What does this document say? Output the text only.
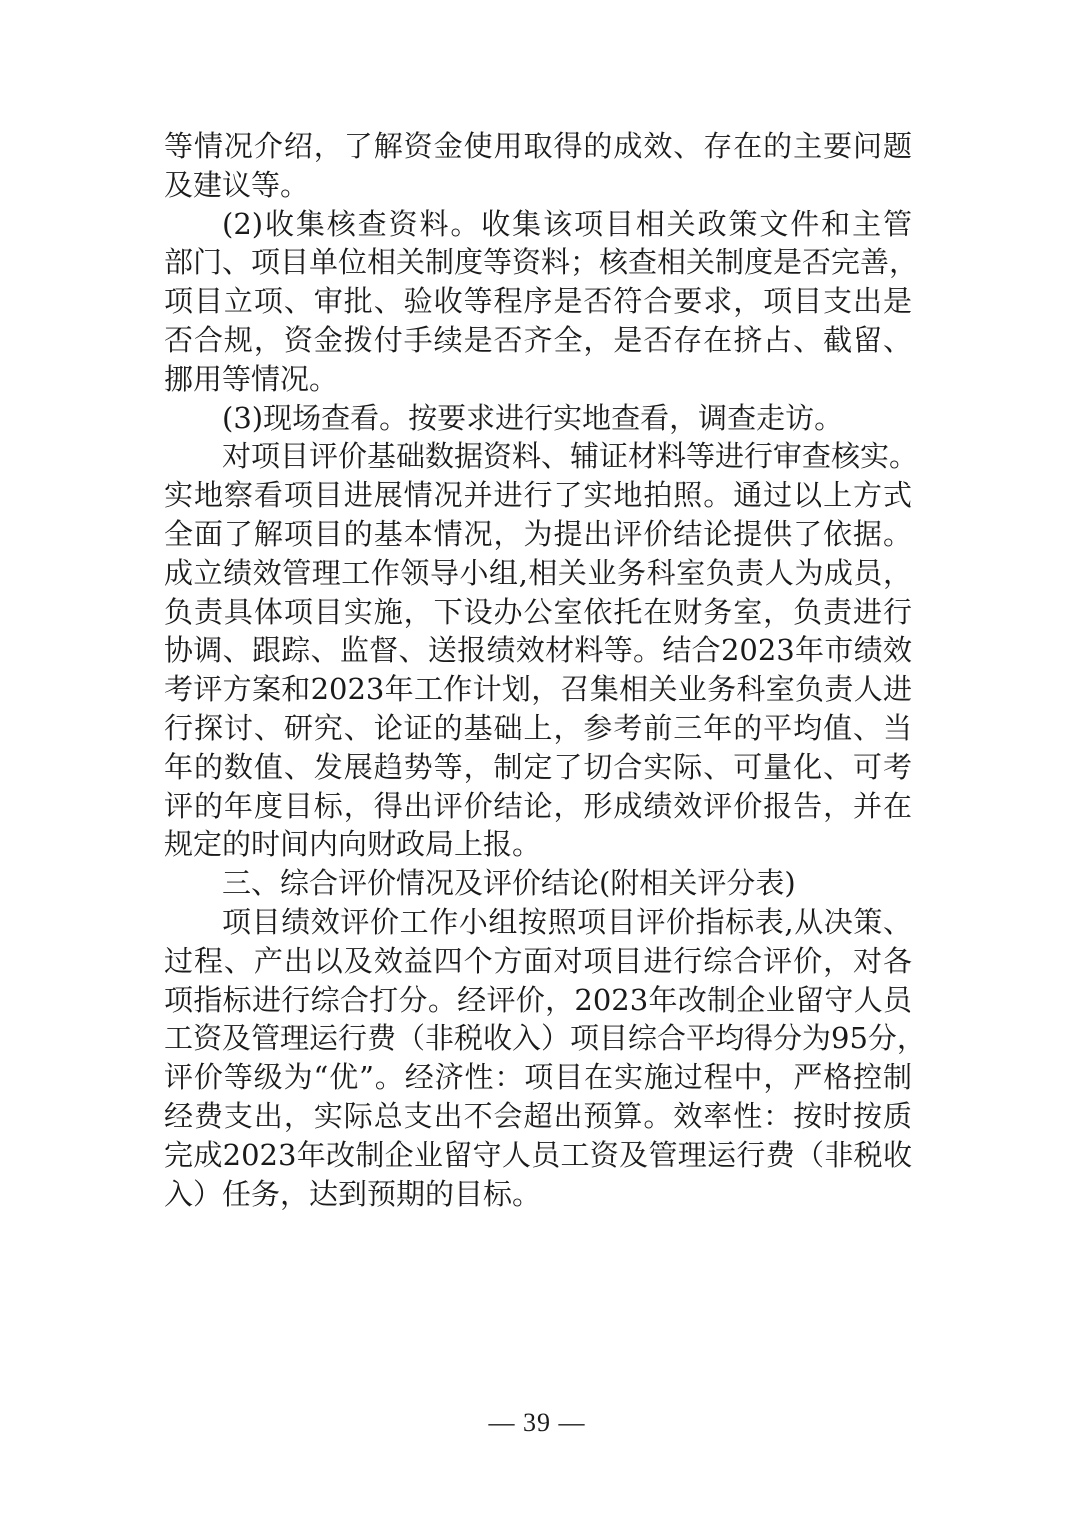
等情况介绍，了解资金使用取得的成效、存在的主要问题
及建议等。

(2)收集核查资料。收集该项目相关政策文件和主管
部门、项目单位相关制度等资料；核查相关制度是否完善，
项目立项、审批、验收等程序是否符合要求，项目支出是
否合规，资金拨付手续是否齐全，是否存在挤占、截留、
挪用等情况。

(3)现场查看。按要求进行实地查看，调查走访。

对项目评价基础数据资料、辅证材料等进行审查核实。
实地察看项目进展情况并进行了实地拍照。通过以上方式
全面了解项目的基本情况，为提出评价结论提供了依据。
成立绩效管理工作领导小组,相关业务科室负责人为成员，
负责具体项目实施，下设办公室依托在财务室，负责进行
协调、跟踪、监督、送报绩效材料等。结合2023年市绩效
考评方案和2023年工作计划，召集相关业务科室负责人进
行探讨、研究、论证的基础上，参考前三年的平均值、当
年的数值、发展趋势等，制定了切合实际、可量化、可考
评的年度目标，得出评价结论，形成绩效评价报告，并在
规定的时间内向财政局上报。

三、综合评价情况及评价结论(附相关评分表)

项目绩效评价工作小组按照项目评价指标表,从决策、
过程、产出以及效益四个方面对项目进行综合评价，对各
项指标进行综合打分。经评价，2023年改制企业留守人员
工资及管理运行费（非税收入）项目综合平均得分为95分，
评价等级为“优”。经济性：项目在实施过程中，严格控制
经费支出，实际总支出不会超出预算。效率性：按时按质
完成2023年改制企业留守人员工资及管理运行费（非税收
入）任务，达到预期的目标。

— 39 —
